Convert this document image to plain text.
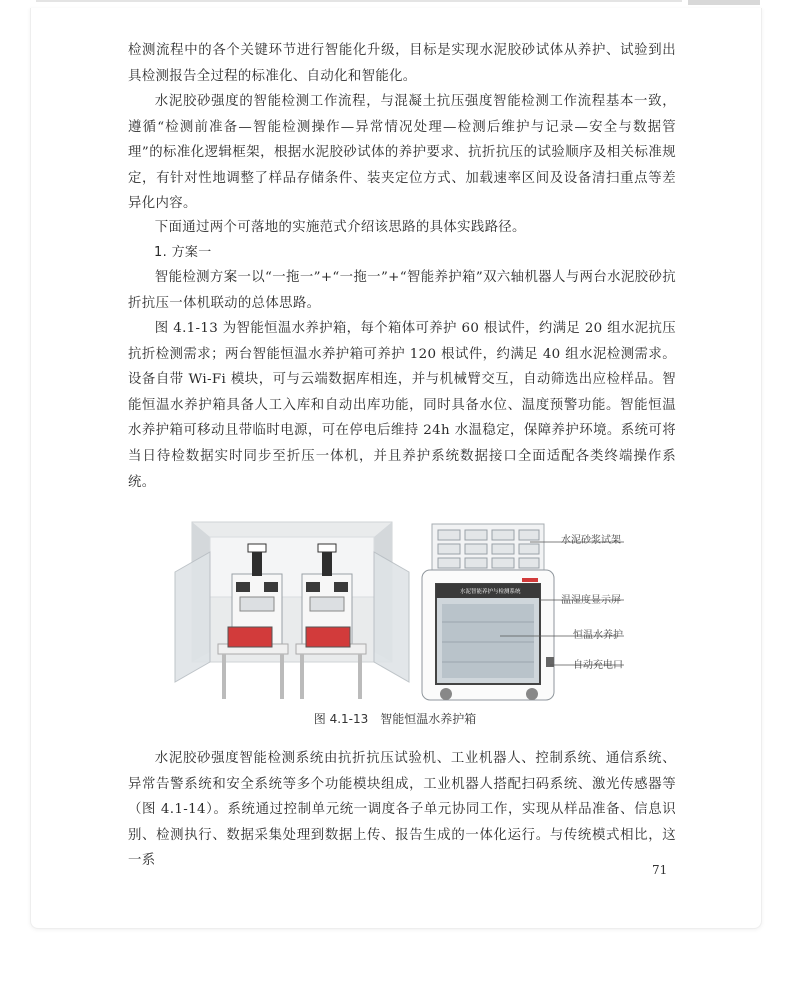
检测流程中的各个关键环节进行智能化升级，目标是实现水泥胶砂试体从养护、试验到出具检测报告全过程的标准化、自动化和智能化。

水泥胶砂强度的智能检测工作流程，与混凝土抗压强度智能检测工作流程基本一致，遵循“检测前准备—智能检测操作—异常情况处理—检测后维护与记录—安全与数据管理”的标准化逻辑框架，根据水泥胶砂试体的养护要求、抗折抗压的试验顺序及相关标准规定，有针对性地调整了样品存储条件、装夹定位方式、加载速率区间及设备清扫重点等差异化内容。

下面通过两个可落地的实施范式介绍该思路的具体实践路径。

1. 方案一

智能检测方案一以“一拖一”+“一拖一”+“智能养护箱”双六轴机器人与两台水泥胶砂抗折抗压一体机联动的总体思路。

图 4.1-13 为智能恒温水养护箱，每个箱体可养护 60 根试件，约满足 20 组水泥抗压抗折检测需求；两台智能恒温水养护箱可养护 120 根试件，约满足 40 组水泥检测需求。设备自带 Wi-Fi 模块，可与云端数据库相连，并与机械臂交互，自动筛选出应检样品。智能恒温水养护箱具备人工入库和自动出库功能，同时具备水位、温度预警功能。智能恒温水养护箱可移动且带临时电源，可在停电后维持 24h 水温稳定，保障养护环境。系统可将当日待检数据实时同步至折压一体机，并且养护系统数据接口全面适配各类终端操作系统。

水泥智能养护与检测系统
水泥砂浆试架
温湿度显示屏
恒温水养护
自动充电口
图 4.1-13　智能恒温水养护箱

水泥胶砂强度智能检测系统由抗折抗压试验机、工业机器人、控制系统、通信系统、异常告警系统和安全系统等多个功能模块组成，工业机器人搭配扫码系统、激光传感器等（图 4.1-14）。系统通过控制单元统一调度各子单元协同工作，实现从样品准备、信息识别、检测执行、数据采集处理到数据上传、报告生成的一体化运行。与传统模式相比，这一系

71
